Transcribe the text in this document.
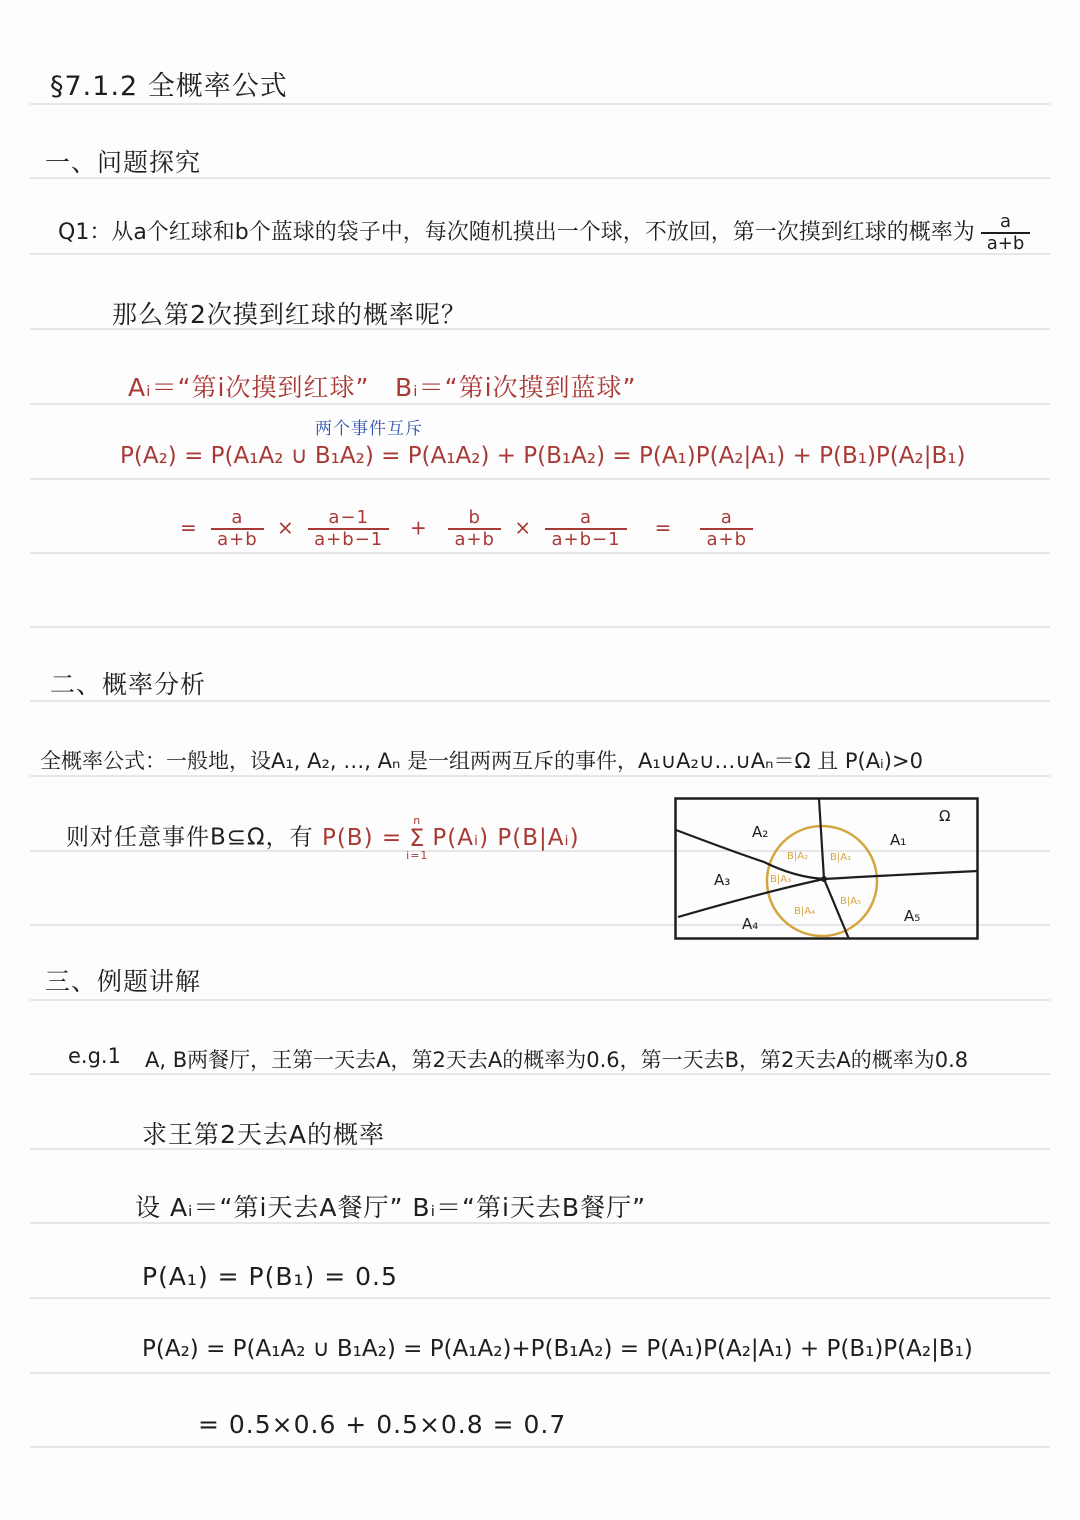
§7.1.2 全概率公式
一、问题探究
Q1：从a个红球和b个蓝球的袋子中，每次随机摸出一个球，不放回，第一次摸到红球的概率为 $\frac{a}{a+b}$
那么第2次摸到红球的概率呢？
Aᵢ＝“第i次摸到红球” Bᵢ＝“第i次摸到蓝球”
两个事件互斥
P(A₂) = P(A₁A₂ ∪ B₁A₂) = P(A₁A₂) + P(B₁A₂) = P(A₁)P(A₂|A₁) + P(B₁)P(A₂|B₁)
= $\frac{a}{a+b} \times \frac{a-1}{a+b-1} + \frac{b}{a+b} \times \frac{a}{a+b-1} = \frac{a}{a+b}$
二、概率分析
全概率公式：一般地，设A₁, A₂, …, Aₙ 是一组两两互斥的事件，A₁∪A₂∪…∪Aₙ＝Ω 且 P(Aᵢ)>0
则对任意事件B⊆Ω，有 P(B) =
n
Σ
i=1
P(Aᵢ) P(B|Aᵢ)
Ω
A₁
A₂
A₃
A₄	A₅
B|A₁
B|A₂
B|A₅
B|A₄
B|A₃
三、例题讲解
e.g.1 A, B两餐厅，王第一天去A，第2天去A的概率为0.6，第一天去B，第2天去A的概率为0.8
求王第2天去A的概率
设 Aᵢ＝“第i天去A餐厅” Bᵢ＝“第i天去B餐厅”
P(A₁) = P(B₁) = 0.5
P(A₂) = P(A₁A₂ ∪ B₁A₂) = P(A₁A₂)+P(B₁A₂) = P(A₁)P(A₂|A₁) + P(B₁)P(A₂|B₁)
= 0.5×0.6 + 0.5×0.8 = 0.7
